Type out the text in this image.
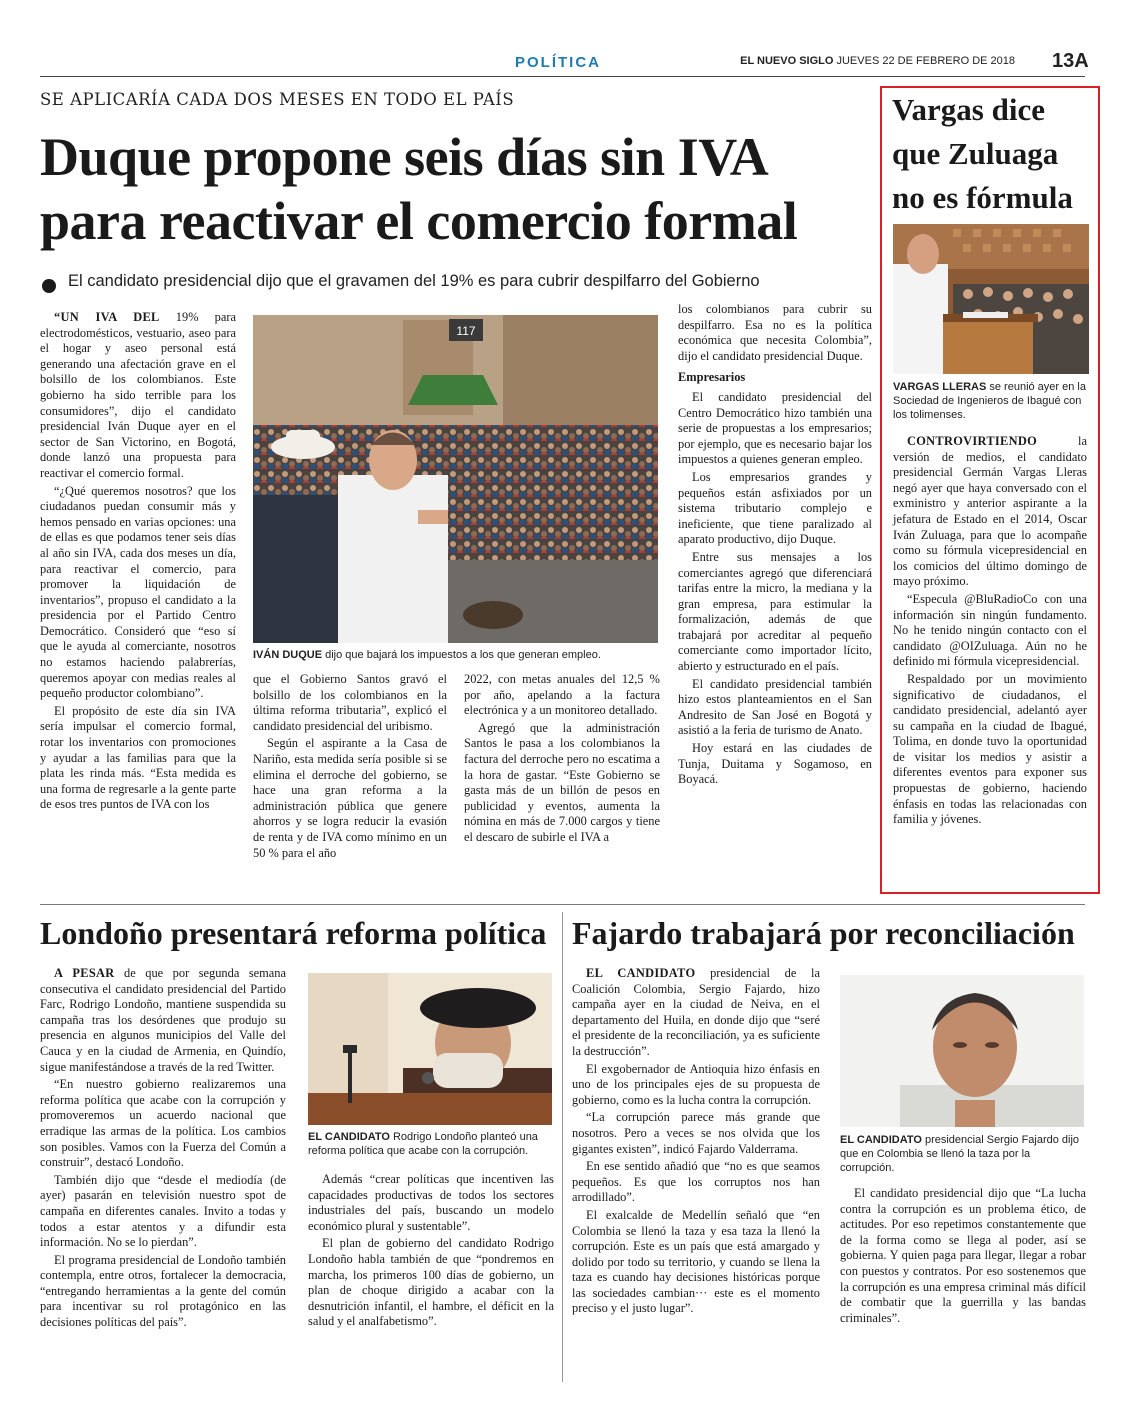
POLÍTICA	EL NUEVO SIGLO JUEVES 22 DE FEBRERO DE 2018 13A
SE APLICARÍA CADA DOS MESES EN TODO EL PAÍS
Duque propone seis días sin IVA para reactivar el comercio formal
El candidato presidencial dijo que el gravamen del 19% es para cubrir despilfarro del Gobierno

“UN IVA DEL 19% para electrodomésticos, vestuario, aseo para el hogar y aseo personal está generando una afectación grave en el bolsillo de los colombianos. Este gobierno ha sido terrible para los consumidores”, dijo el candidato presidencial Iván Duque ayer en el sector de San Victorino, en Bogotá, donde lanzó una propuesta para reactivar el comercio formal.

“¿Qué queremos nosotros? que los ciudadanos puedan consumir más y hemos pensado en varias opciones: una de ellas es que podamos tener seis días al año sin IVA, cada dos meses un día, para reactivar el comercio, para promover la liquidación de inventarios”, propuso el candidato a la presidencia por el Partido Centro Democrático. Consideró que “eso sí que le ayuda al comerciante, nosotros no estamos haciendo palabrerías, queremos apoyar con medias reales al pequeño productor colombiano”.

El propósito de este día sin IVA sería impulsar el comercio formal, rotar los inventarios con promociones y ayudar a las familias para que la plata les rinda más. “Esta medida es una forma de regresarle a la gente parte de esos tres puntos de IVA con los

117
IVÁN DUQUE dijo que bajará los impuestos a los que generan empleo.

que el Gobierno Santos gravó el bolsillo de los colombianos en la última reforma tributaria”, explicó el candidato presidencial del uribismo.

Según el aspirante a la Casa de Nariño, esta medida sería posible si se elimina el derroche del gobierno, se hace una gran reforma a la administración pública que genere ahorros y se logra reducir la evasión de renta y de IVA como mínimo en un 50 % para el año

2022, con metas anuales del 12,5 % por año, apelando a la factura electrónica y a un monitoreo detallado.

Agregó que la administración Santos le pasa a los colombianos la factura del derroche pero no escatima a la hora de gastar. “Este Gobierno se gasta más de un billón de pesos en publicidad y eventos, aumenta la nómina en más de 7.000 cargos y tiene el descaro de subirle el IVA a

los colombianos para cubrir su despilfarro. Esa no es la política económica que necesita Colombia”, dijo el candidato presidencial Duque.

Empresarios

El candidato presidencial del Centro Democrático hizo también una serie de propuestas a los empresarios; por ejemplo, que es necesario bajar los impuestos a quienes generan empleo.

Los empresarios grandes y pequeños están asfixiados por un sistema tributario complejo e ineficiente, que tiene paralizado al aparato productivo, dijo Duque.

Entre sus mensajes a los comerciantes agregó que diferenciará tarifas entre la micro, la mediana y la gran empresa, para estimular la formalización, además de que trabajará por acreditar al pequeño comerciante como importador lícito, abierto y estructurado en el país.

El candidato presidencial también hizo estos planteamientos en el San Andresito de San José en Bogotá y asistió a la feria de turismo de Anato.

Hoy estará en las ciudades de Tunja, Duitama y Sogamoso, en Boyacá.

Vargas dice que Zuluaga no es fórmula
VARGAS LLERAS se reunió ayer en la Sociedad de Ingenieros de Ibagué con los tolimenses.

CONTROVIRTIENDO	la versión de medios, el candidato presidencial Germán Vargas Lleras negó ayer que haya conversado con el exministro y anterior aspirante a la jefatura de Estado en el 2014, Oscar Iván Zuluaga, para que lo acompañe como su fórmula vicepresidencial en los comicios del último domingo de mayo próximo.

“Especula @BluRadioCo con una información sin ningún fundamento. No he tenido ningún contacto con el candidato @OIZuluaga. Aún no he definido mi fórmula vicepresidencial.

Respaldado por un movimiento significativo de ciudadanos, el candidato presidencial, adelantó ayer su campaña en la ciudad de Ibagué, Tolima, en donde tuvo la oportunidad de visitar los medios y asistir a diferentes eventos para exponer sus propuestas de gobierno, haciendo énfasis en todas las relacionadas con familia y jóvenes.

Londoño presentará reforma política

A PESAR de que por segunda semana consecutiva el candidato presidencial del Partido Farc, Rodrigo Londoño, mantiene suspendida su campaña tras los desórdenes que produjo su presencia en algunos municipios del Valle del Cauca y en la ciudad de Armenia, en Quindío, sigue manifestándose a través de la red Twitter.

“En nuestro gobierno realizaremos una reforma política que acabe con la corrupción y promoveremos un acuerdo nacional que erradique las armas de la política. Los cambios son posibles. Vamos con la Fuerza del Común a construir”, destacó Londoño.

También dijo que “desde el mediodía (de ayer) pasarán en televisión nuestro spot de campaña en diferentes canales. Invito a todas y todos a estar atentos y a difundir esta información. No se lo pierdan”.

El programa presidencial de Londoño también contempla, entre otros, fortalecer la democracia, “entregando herramientas a la gente del común para incentivar su rol protagónico en las decisiones políticas del país”.

EL CANDIDATO Rodrigo Londoño planteó una reforma política que acabe con la corrupción.

Además “crear políticas que incentiven las capacidades productivas de todos los sectores industriales del país, buscando un modelo económico plural y sustentable”.

El plan de gobierno del candidato Rodrigo Londoño habla también de que “pondremos en marcha, los primeros 100 días de gobierno, un plan de choque dirigido a acabar con la desnutrición infantil, el hambre, el déficit en la salud y el analfabetismo”.

Fajardo trabajará por reconciliación

EL CANDIDATO presidencial de la Coalición Colombia, Sergio Fajardo, hizo campaña ayer en la ciudad de Neiva, en el departamento del Huila, en donde dijo que “seré el presidente de la reconciliación, ya es suficiente la destrucción”.

El exgobernador de Antioquia hizo énfasis en uno de los principales ejes de su propuesta de gobierno, como es la lucha contra la corrupción.

“La corrupción parece más grande que nosotros. Pero a veces se nos olvida que los gigantes existen”, indicó Fajardo Valderrama.

En ese sentido añadió que “no es que seamos pequeños. Es que los corruptos nos han arrodillado”.

El exalcalde de Medellín señaló que “en Colombia se llenó la taza y esa taza la llenó la corrupción. Este es un país que está amargado y dolido por todo su territorio, y cuando se llena la taza es cuando hay decisiones históricas porque las sociedades cambian··· este es el momento preciso y el justo lugar”.

EL CANDIDATO presidencial Sergio Fajardo dijo que en Colombia se llenó la taza por la corrupción.

El candidato presidencial dijo que “La lucha contra la corrupción es un problema ético, de actitudes. Por eso repetimos constantemente que de la forma como se llega al poder, así se gobierna. Y quien paga para llegar, llegar a robar con puestos y contratos. Por eso sostenemos que la corrupción es una empresa criminal más difícil de combatir que la guerrilla y las bandas criminales”.
